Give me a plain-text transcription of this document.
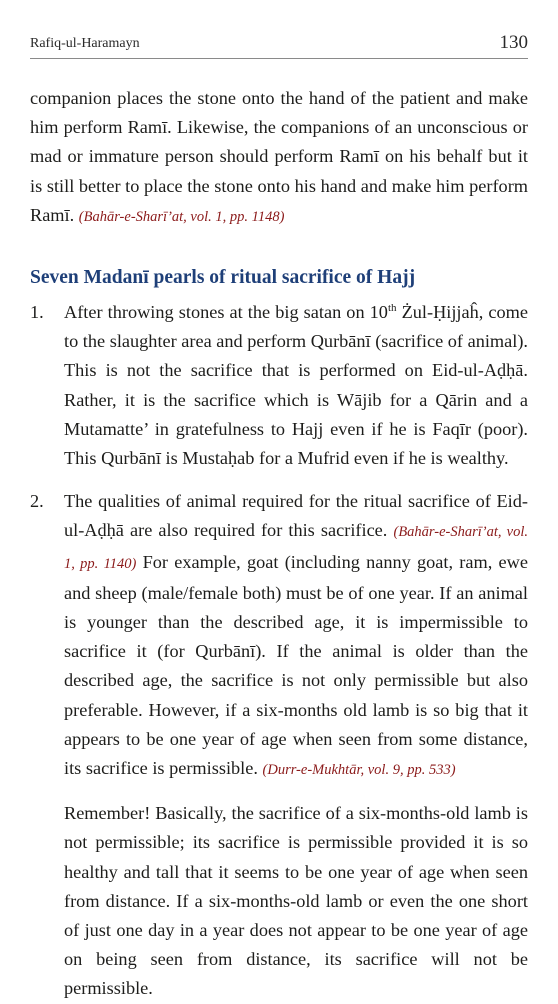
Rafiq-ul-Haramayn	130

companion places the stone onto the hand of the patient and make him perform Ramī. Likewise, the companions of an unconscious or mad or immature person should perform Ramī on his behalf but it is still better to place the stone onto his hand and make him perform Ramī. (Bahār-e-Sharī’at, vol. 1, pp. 1148)

Seven Madanī pearls of ritual sacrifice of Hajj
1.	After throwing stones at the big satan on 10th Żul-Ḥijjaĥ, come to the slaughter area and perform Qurbānī (sacrifice of animal). This is not the sacrifice that is performed on Eid-ul-Aḍḥā. Rather, it is the sacrifice which is Wājib for a Qārin and a Mutamatte’ in gratefulness to Hajj even if he is Faqīr (poor). This Qurbānī is Mustaḥab for a Mufrid even if he is wealthy.

2.	The qualities of animal required for the ritual sacrifice of Eid-ul-Aḍḥā are also required for this sacrifice. (Bahār-e-Sharī’at, vol. 1, pp. 1140) For example, goat (including nanny goat, ram, ewe and sheep (male/female both) must be of one year. If an animal is younger than the described age, it is impermissible to sacrifice it (for Qurbānī). If the animal is older than the described age, the sacrifice is not only permissible but also preferable. However, if a six-months old lamb is so big that it appears to be one year of age when seen from some distance, its sacrifice is permissible. (Durr-e-Mukhtār, vol. 9, pp. 533)

Remember! Basically, the sacrifice of a six-months-old lamb is not permissible; its sacrifice is permissible provided it is so healthy and tall that it seems to be one year of age when seen from distance. If a six-months-old lamb or even the one short of just one day in a year does not appear to be one year of age on being seen from distance, its sacrifice will not be permissible.
